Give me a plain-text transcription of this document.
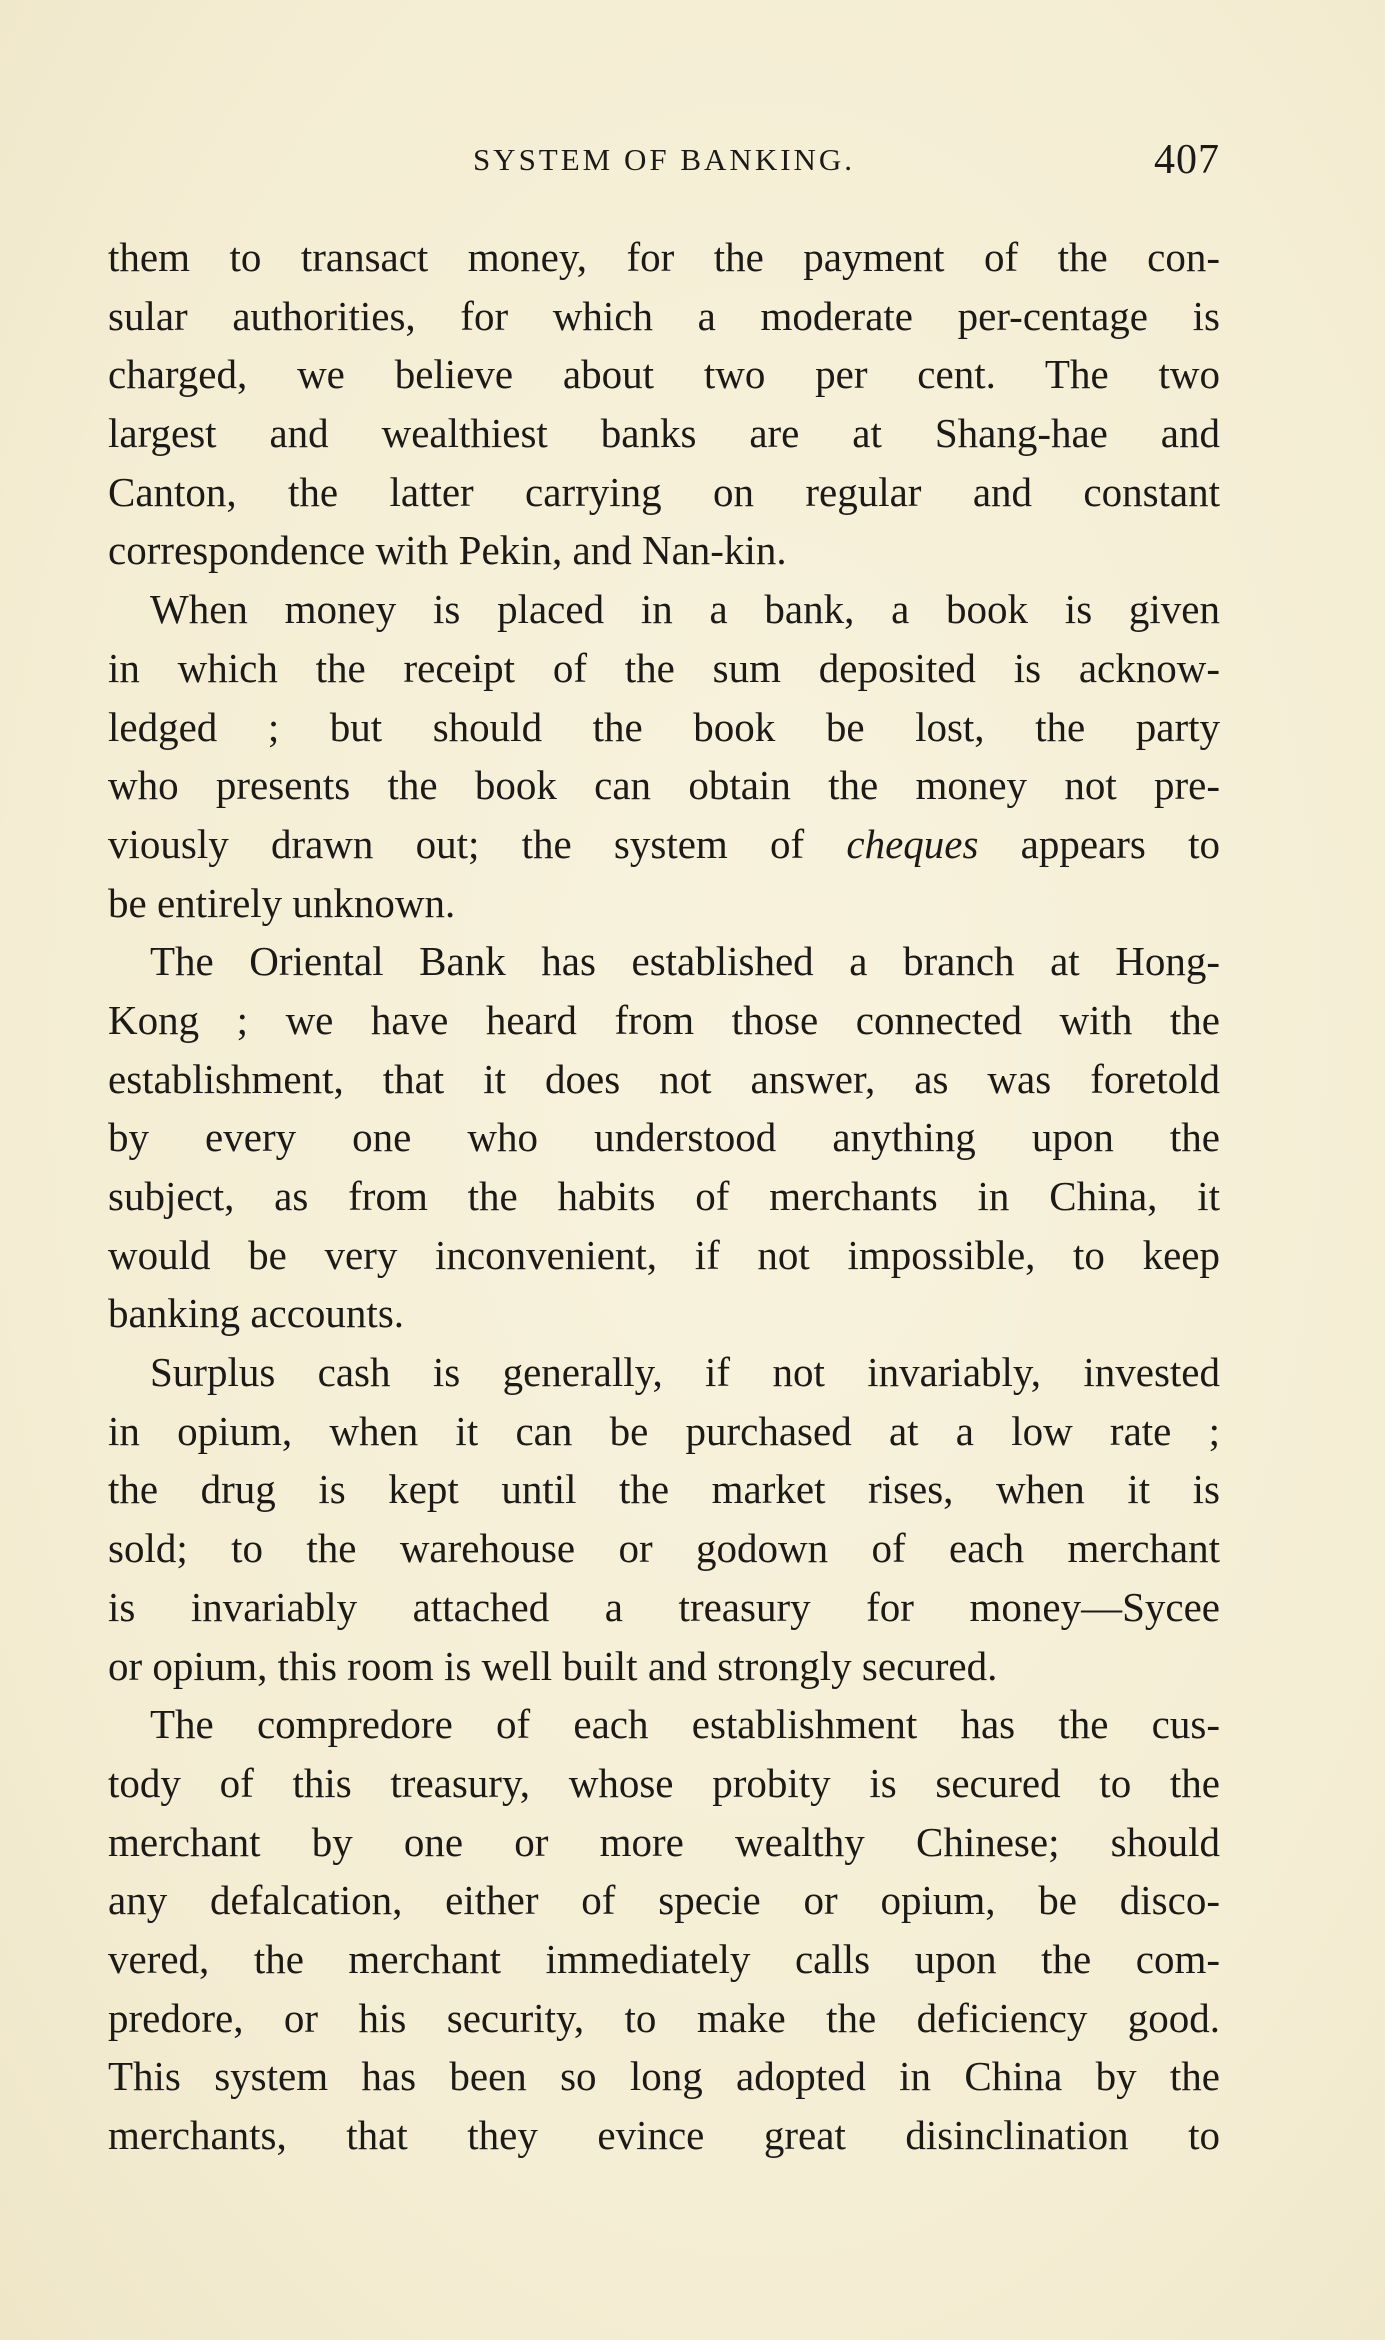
SYSTEM OF BANKING.	407
them to transact money, for the payment of the con-
sular authorities, for which a moderate per-centage is
charged, we believe about two per cent. The two
largest and wealthiest banks are at Shang-hae and
Canton, the latter carrying on regular and constant
correspondence with Pekin, and Nan-kin.
When money is placed in a bank, a book is given
in which the receipt of the sum deposited is acknow-
ledged ; but should the book be lost, the party
who presents the book can obtain the money not pre-
viously drawn out; the system of cheques appears to
be entirely unknown.
The Oriental Bank has established a branch at Hong-
Kong ; we have heard from those connected with the
establishment, that it does not answer, as was foretold
by every one who understood anything upon the
subject, as from the habits of merchants in China, it
would be very inconvenient, if not impossible, to keep
banking accounts.
Surplus cash is generally, if not invariably, invested
in opium, when it can be purchased at a low rate ;
the drug is kept until the market rises, when it is
sold; to the warehouse or godown of each merchant
is invariably attached a treasury for money—Sycee
or opium, this room is well built and strongly secured.
The compredore of each establishment has the cus-
tody of this treasury, whose probity is secured to the
merchant by one or more wealthy Chinese; should
any defalcation, either of specie or opium, be disco-
vered, the merchant immediately calls upon the com-
predore, or his security, to make the deficiency good.
This system has been so long adopted in China by the
merchants, that they evince great disinclination to
